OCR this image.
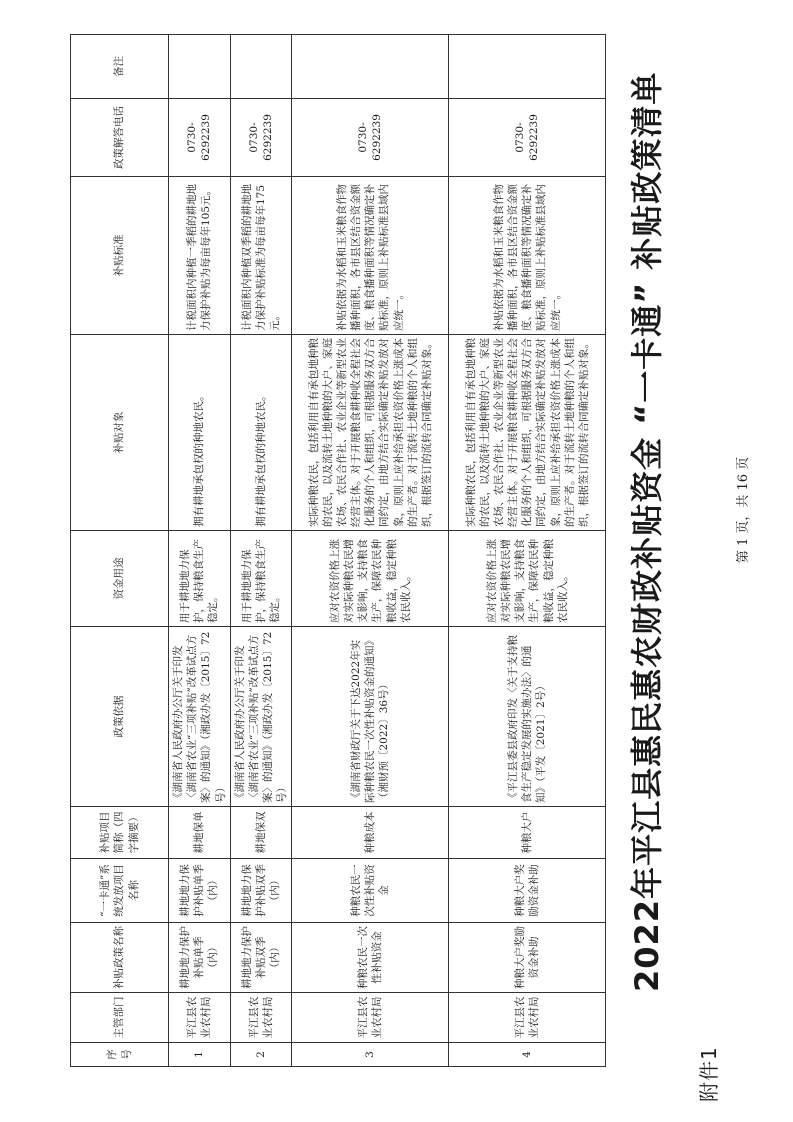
附件1
2022年平江县惠民惠农财政补贴资金 “一卡通” 补贴政策清单
序号	主管部门	补贴政策名称	“一卡通”系统发放项目名称	补贴项目简称（四字摘要）	政策依据	资金用途	补贴对象	补贴标准	政策解答电话	备注
1	平江县农业农村局	耕地地力保护补贴单季（内）	耕地地力保护补贴单季（内）	耕地保单	《湖南省人民政府办公厅关于印发〈湖南省农业“三项补贴”改革试点方案〉的通知》（湘政办发〔2015〕72号）	用于耕地地力保护，保持粮食生产稳定。	拥有耕地承包权的种地农民。	计税面积内种植一季稻的耕地地力保护补贴为每亩每年105元。	0730-6292239	
2	平江县农业农村局	耕地地力保护补贴双季（内）	耕地地力保护补贴双季（内）	耕地保双	《湖南省人民政府办公厅关于印发〈湖南省农业“三项补贴”改革试点方案〉的通知》（湘政办发〔2015〕72号）	用于耕地地力保护，保持粮食生产稳定。	拥有耕地承包权的种地农民。	计税面积内种植双季稻的耕地地力保护补贴标准为每亩每年175元。	0730-6292239	
3	平江县农业农村局	种粮农民一次性补贴资金	种粮农民一次性补贴资金	种粮成本	《湖南省财政厅关于下达2022年实际种粮农民一次性补贴资金的通知》（湘财预〔2022〕36号）	应对农资价格上涨对实际种粮农民增支影响，支持粮食生产，保障农民种粮收益，稳定种粮农民收入。	实际种粮农民，包括利用自有承包地种粮的农民，以及流转土地种粮的大户、家庭农场、农民合作社、农业企业等新型农业经营主体。对于开展粮食耕种收全程社会化服务的个人和组织，可根据服务双方合同约定，由地方结合实际确定补贴发放对象，原则上应补给承担农资价格上涨成本的生产者。对于流转土地种粮的个人和组织，根据签订的流转合同确定补贴对象。	补贴依据为水稻和玉米粮食作物播种面积，各市县区结合资金额度、粮食播种面积等情况确定补贴标准，原则上补贴标准县域内应统一。	0730-6292239	
4	平江县农业农村局	种粮大户奖励资金补助	种粮大户奖励资金补助	种粮大户	《平江县委县政府印发〈关于支持粮食生产稳定发展的实施办法〉的通知》（平发〔2021〕2号）	应对农资价格上涨对实际种粮农民增支影响，支持粮食生产，保障农民种粮收益，稳定种粮农民收入。	实际种粮农民，包括利用自有承包地种粮的农民，以及流转土地种粮的大户、家庭农场、农民合作社、农业企业等新型农业经营主体。对于开展粮食耕种收全程社会化服务的个人和组织，可根据服务双方合同约定，由地方结合实际确定补贴发放对象，原则上应补给承担农资价格上涨成本的生产者。对于流转土地种粮的个人和组织，根据签订的流转合同确定补贴对象。	补贴依据为水稻和玉米粮食作物播种面积，各市县区结合资金额度、粮食播种面积等情况确定补贴标准，原则上补贴标准县域内应统一。	0730-6292239	
第 1 页，共 16 页
